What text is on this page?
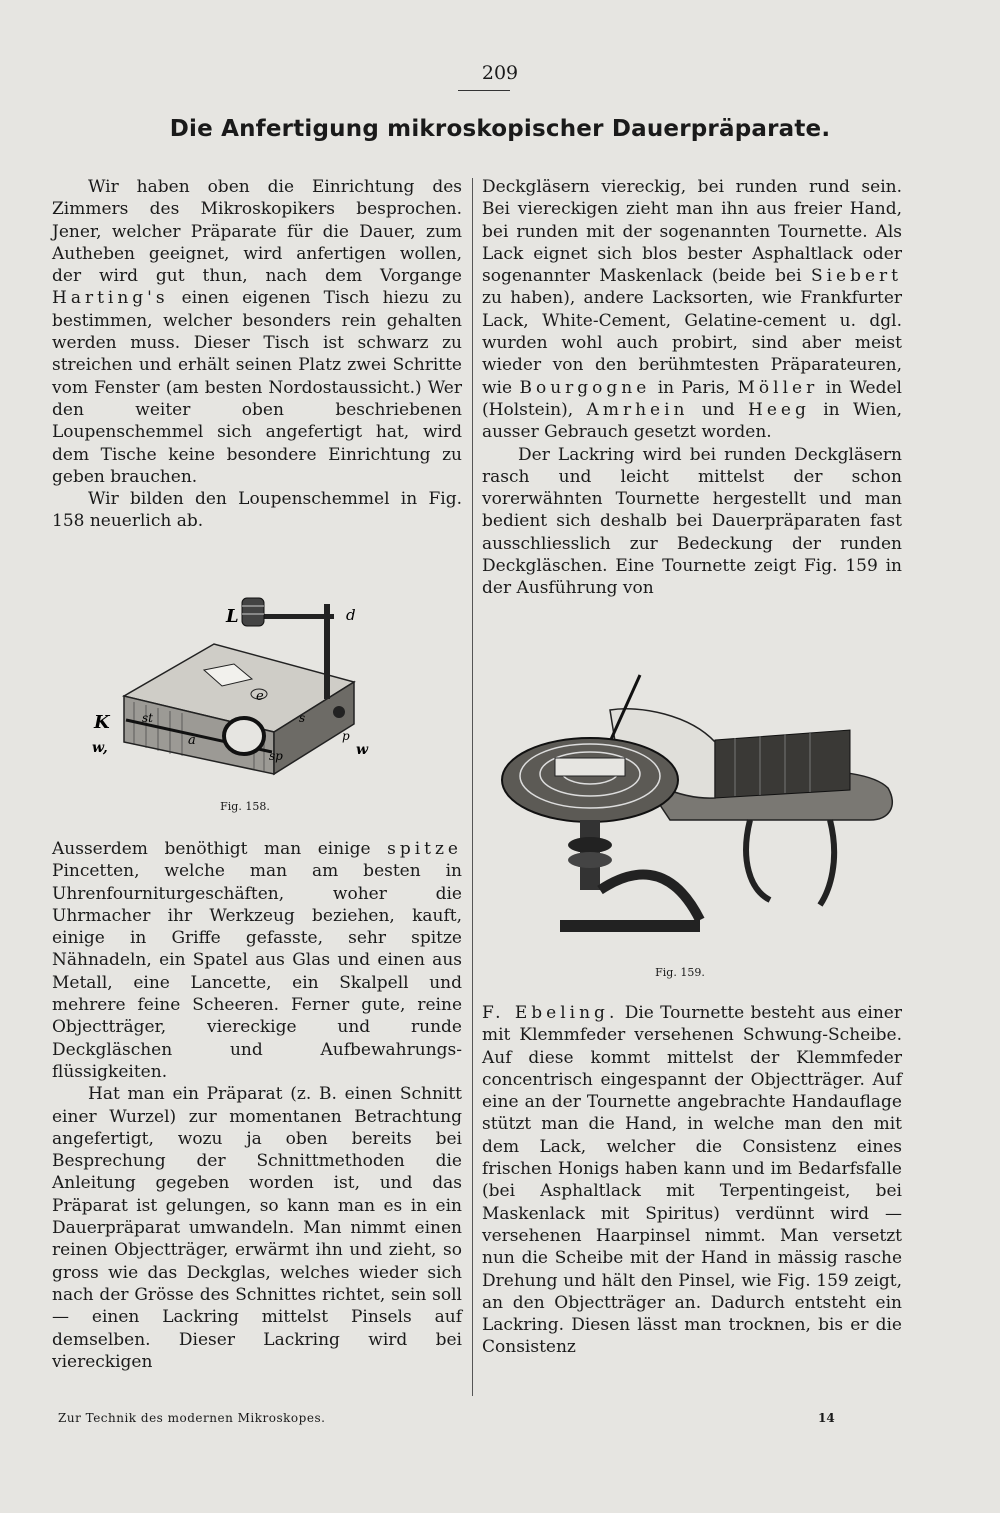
209
Die Anfertigung mikroskopischer Dauerpräparate.

Wir haben oben die Einrichtung des Zimmers des Mikroskopikers besprochen. Jener, welcher Präparate für die Dauer, zum Autheben geeignet, wird anfertigen wollen, der wird gut thun, nach dem Vorgange Harting's einen eigenen Tisch hiezu zu bestimmen, welcher besonders rein gehalten werden muss. Dieser Tisch ist schwarz zu streichen und erhält seinen Platz zwei Schritte vom Fenster (am besten Nordostaussicht.) Wer den weiter oben beschriebenen Loupenschemmel sich angefertigt hat, wird dem Tische keine besondere Einrichtung zu geben brauchen.

Wir bilden den Loupenschemmel in Fig. 158 neuerlich ab.

L	d
e
K	st	s
a
sp
p
w,	w
Fig. 158.

Ausserdem benöthigt man einige spitze Pincetten, welche man am besten in Uhrenfourniturgeschäften, woher die Uhrmacher ihr Werkzeug beziehen, kauft, einige in Griffe gefasste, sehr spitze Nähnadeln, ein Spatel aus Glas und einen aus Metall, eine Lancette, ein Skalpell und mehrere feine Scheeren. Ferner gute, reine Objectträger, viereckige und runde Deckgläschen und Aufbewahrungsflüssigkeiten.

Hat man ein Präparat (z. B. einen Schnitt einer Wurzel) zur momentanen Betrachtung angefertigt, wozu ja oben bereits bei Besprechung der Schnittmethoden die Anleitung gegeben worden ist, und das Präparat ist gelungen, so kann man es in ein Dauerpräparat umwandeln. Man nimmt einen reinen Objectträger, erwärmt ihn und zieht, so gross wie das Deckglas, welches wieder sich nach der Grösse des Schnittes richtet, sein soll — einen Lackring mittelst Pinsels auf demselben. Dieser Lackring wird bei viereckigen

Deckgläsern viereckig, bei runden rund sein. Bei viereckigen zieht man ihn aus freier Hand, bei runden mit der sogenannten Tournette. Als Lack eignet sich blos bester Asphaltlack oder sogenannter Maskenlack (beide bei Siebert zu haben), andere Lacksorten, wie Frankfurter Lack, White-Cement, Gelatine-cement u. dgl. wurden wohl auch probirt, sind aber meist wieder von den berühmtesten Präparateuren, wie Bourgogne in Paris, Möller in Wedel (Holstein), Amrhein und Heeg in Wien, ausser Gebrauch gesetzt worden.

Der Lackring wird bei runden Deckgläsern rasch und leicht mittelst der schon vorerwähnten Tournette hergestellt und man bedient sich deshalb bei Dauerpräparaten fast ausschliesslich zur Bedeckung der runden Deckgläschen. Eine Tournette zeigt Fig. 159 in der Ausführung von

Fig. 159.

F. Ebeling. Die Tournette besteht aus einer mit Klemmfeder versehenen Schwung-Scheibe. Auf diese kommt mittelst der Klemmfeder concentrisch eingespannt der Objectträger. Auf eine an der Tournette angebrachte Handauflage stützt man die Hand, in welche man den mit dem Lack, welcher die Consistenz eines frischen Honigs haben kann und im Bedarfsfalle (bei Asphaltlack mit Terpentingeist, bei Maskenlack mit Spiritus) verdünnt wird — versehenen Haarpinsel nimmt. Man versetzt nun die Scheibe mit der Hand in mässig rasche Drehung und hält den Pinsel, wie Fig. 159 zeigt, an den Objectträger an. Dadurch entsteht ein Lackring. Diesen lässt man trocknen, bis er die Consistenz

Zur Technik des modernen Mikroskopes.	14
